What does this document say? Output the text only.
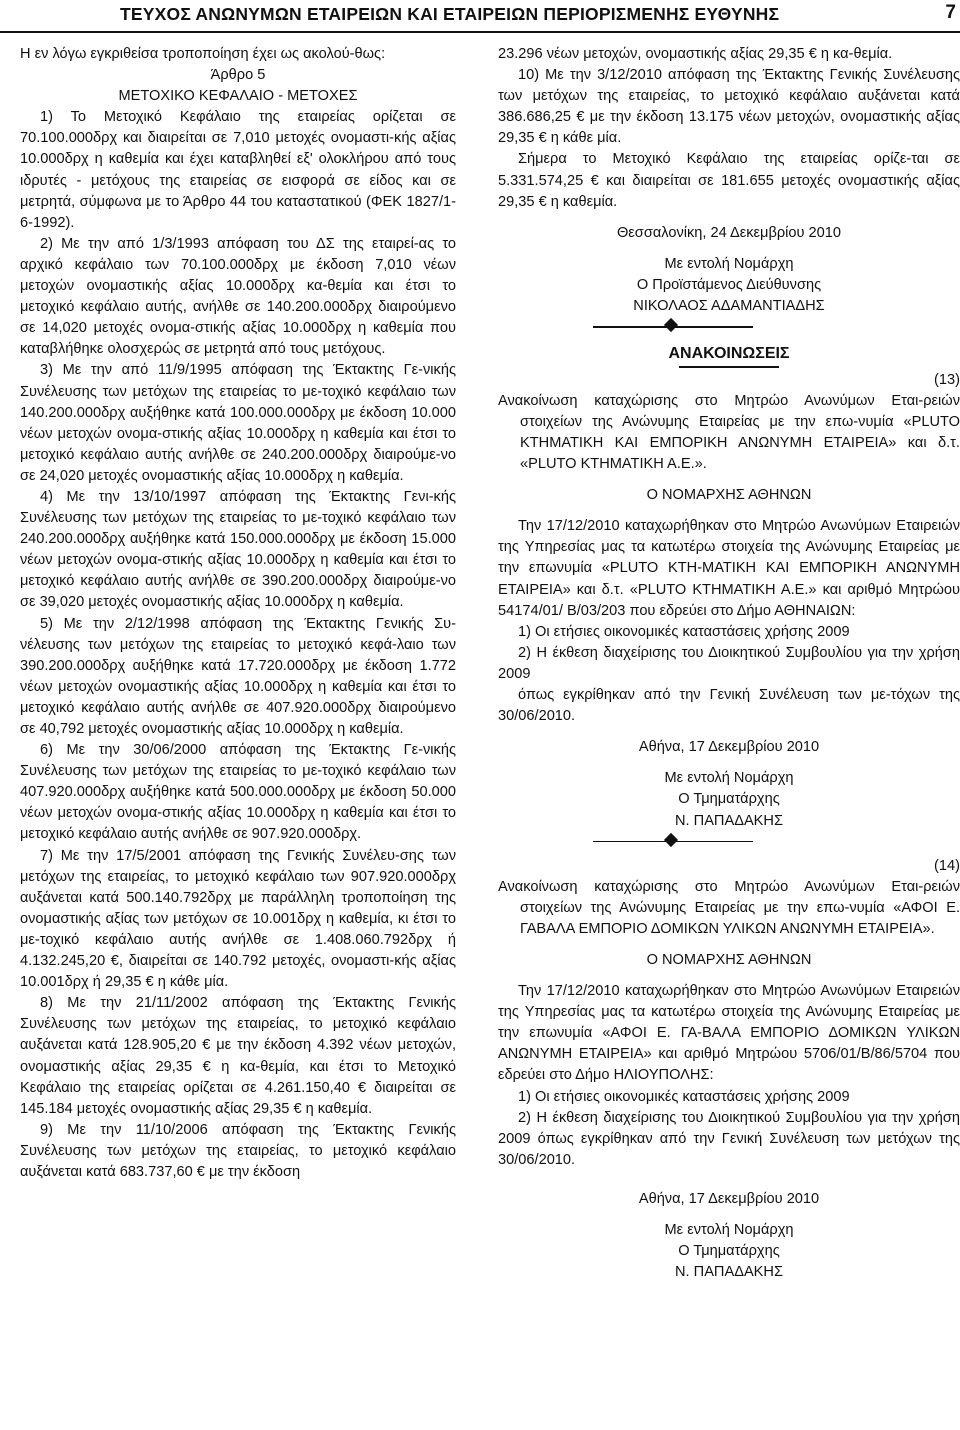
ΤΕΥΧΟΣ ΑΝΩΝΥΜΩΝ ΕΤΑΙΡΕΙΩΝ ΚΑΙ ΕΤΑΙΡΕΙΩΝ ΠΕΡΙΟΡΙΣΜΕΝΗΣ ΕΥΘΥΝΗΣ	7

Η εν λόγω εγκριθείσα τροποποίηση έχει ως ακολού-θως:

Άρθρο 5

ΜΕΤΟΧΙΚΟ ΚΕΦΑΛΑΙΟ - ΜΕΤΟΧΕΣ

1) Το Μετοχικό Κεφάλαιο της εταιρείας ορίζεται σε 70.100.000δρχ και διαιρείται σε 7,010 μετοχές ονομαστι-κής αξίας 10.000δρχ η καθεμία και έχει καταβληθεί εξ' ολοκλήρου από τους ιδρυτές - μετόχους της εταιρείας σε εισφορά σε είδος και σε μετρητά, σύμφωνα με το Άρθρο 44 του καταστατικού (ΦΕΚ 1827/1-6-1992).

2) Με την από 1/3/1993 απόφαση του ΔΣ της εταιρεί-ας το αρχικό κεφάλαιο των 70.100.000δρχ με έκδοση 7,010 νέων μετοχών ονομαστικής αξίας 10.000δρχ κα-θεμία και έτσι το μετοχικό κεφάλαιο αυτής, ανήλθε σε 140.200.000δρχ διαιρούμενο σε 14,020 μετοχές ονομα-στικής αξίας 10.000δρχ η καθεμία που καταβλήθηκε ολοσχερώς σε μετρητά από τους μετόχους.

3) Με την από 11/9/1995 απόφαση της Έκτακτης Γε-νικής Συνέλευσης των μετόχων της εταιρείας το με-τοχικό κεφάλαιο των 140.200.000δρχ αυξήθηκε κατά 100.000.000δρχ με έκδοση 10.000 νέων μετοχών ονομα-στικής αξίας 10.000δρχ η καθεμία και έτσι το μετοχικό κεφάλαιο αυτής ανήλθε σε 240.200.000δρχ διαιρούμε-νο σε 24,020 μετοχές ονομαστικής αξίας 10.000δρχ η καθεμία.

4) Με την 13/10/1997 απόφαση της Έκτακτης Γενι-κής Συνέλευσης των μετόχων της εταιρείας το με-τοχικό κεφάλαιο των 240.200.000δρχ αυξήθηκε κατά 150.000.000δρχ με έκδοση 15.000 νέων μετοχών ονομα-στικής αξίας 10.000δρχ η καθεμία και έτσι το μετοχικό κεφάλαιο αυτής ανήλθε σε 390.200.000δρχ διαιρούμε-νο σε 39,020 μετοχές ονομαστικής αξίας 10.000δρχ η καθεμία.

5) Με την 2/12/1998 απόφαση της Έκτακτης Γενικής Συ-νέλευσης των μετόχων της εταιρείας το μετοχικό κεφά-λαιο των 390.200.000δρχ αυξήθηκε κατά 17.720.000δρχ με έκδοση 1.772 νέων μετοχών ονομαστικής αξίας 10.000δρχ η καθεμία και έτσι το μετοχικό κεφάλαιο αυτής ανήλθε σε 407.920.000δρχ διαιρούμενο σε 40,792 μετοχές ονομαστικής αξίας 10.000δρχ η καθεμία.

6) Με την 30/06/2000 απόφαση της Έκτακτης Γε-νικής Συνέλευσης των μετόχων της εταιρείας το με-τοχικό κεφάλαιο των 407.920.000δρχ αυξήθηκε κατά 500.000.000δρχ με έκδοση 50.000 νέων μετοχών ονομα-στικής αξίας 10.000δρχ η καθεμία και έτσι το μετοχικό κεφάλαιο αυτής ανήλθε σε 907.920.000δρχ.

7) Με την 17/5/2001 απόφαση της Γενικής Συνέλευ-σης των μετόχων της εταιρείας, το μετοχικό κεφάλαιο των 907.920.000δρχ αυξάνεται κατά 500.140.792δρχ με παράλληλη τροποποίηση της ονομαστικής αξίας των μετόχων σε 10.001δρχ η καθεμία, κι έτσι το με-τοχικό κεφάλαιο αυτής ανήλθε σε 1.408.060.792δρχ ή 4.132.245,20 €, διαιρείται σε 140.792 μετοχές, ονομαστι-κής αξίας 10.001δρχ ή 29,35 € η κάθε μία.

8) Με την 21/11/2002 απόφαση της Έκτακτης Γενικής Συνέλευσης των μετόχων της εταιρείας, το μετοχικό κεφάλαιο αυξάνεται κατά 128.905,20 € με την έκδοση 4.392 νέων μετοχών, ονομαστικής αξίας 29,35 € η κα-θεμία, και έτσι το Μετοχικό Κεφάλαιο της εταιρείας ορίζεται σε 4.261.150,40 € διαιρείται σε 145.184 μετοχές ονομαστικής αξίας 29,35 € η καθεμία.

9) Με την 11/10/2006 απόφαση της Έκτακτης Γενικής Συνέλευσης των μετόχων της εταιρείας, το μετοχικό κεφάλαιο αυξάνεται κατά 683.737,60 € με την έκδοση

23.296 νέων μετοχών, ονομαστικής αξίας 29,35 € η κα-θεμία.

10) Με την 3/12/2010 απόφαση της Έκτακτης Γενικής Συνέλευσης των μετόχων της εταιρείας, το μετοχικό κεφάλαιο αυξάνεται κατά 386.686,25 € με την έκδοση 13.175 νέων μετοχών, ονομαστικής αξίας 29,35 € η κάθε μία.

Σήμερα το Μετοχικό Κεφάλαιο της εταιρείας ορίζε-ται σε 5.331.574,25 € και διαιρείται σε 181.655 μετοχές ονομαστικής αξίας 29,35 € η καθεμία.

Θεσσαλονίκη, 24 Δεκεμβρίου 2010

Με εντολή Νομάρχη

Ο Προϊστάμενος Διεύθυνσης

ΝΙΚΟΛΑΟΣ ΑΔΑΜΑΝΤΙΑΔΗΣ

ΑΝΑΚΟΙΝΩΣΕΙΣ

(13)

Ανακοίνωση καταχώρισης στο Μητρώο Ανωνύμων Εται-ρειών στοιχείων της Ανώνυμης Εταιρείας με την επω-νυμία «PLUTO ΚΤΗΜΑΤΙΚΗ ΚΑΙ ΕΜΠΟΡΙΚΗ ΑΝΩΝΥΜΗ ΕΤΑΙΡΕΙΑ» και δ.τ. «PLUTO ΚΤΗΜΑΤΙΚΗ Α.Ε.».

Ο ΝΟΜΑΡΧΗΣ ΑΘΗΝΩΝ

Την 17/12/2010 καταχωρήθηκαν στο Μητρώο Ανωνύμων Εταιρειών της Υπηρεσίας μας τα κατωτέρω στοιχεία της Ανώνυμης Εταιρείας με την επωνυμία «PLUTO ΚΤΗ-ΜΑΤΙΚΗ ΚΑΙ ΕΜΠΟΡΙΚΗ ΑΝΩΝΥΜΗ ΕΤΑΙΡΕΙΑ» και δ.τ. «PLUTO ΚΤΗΜΑΤΙΚΗ Α.Ε.» και αριθμό Μητρώου 54174/01/ Β/03/203 που εδρεύει στο Δήμο ΑΘΗΝΑΙΩΝ:

1) Οι ετήσιες οικονομικές καταστάσεις χρήσης 2009

2) Η έκθεση διαχείρισης του Διοικητικού Συμβουλίου για την χρήση 2009

όπως εγκρίθηκαν από την Γενική Συνέλευση των με-τόχων της 30/06/2010.

Αθήνα, 17 Δεκεμβρίου 2010

Με εντολή Νομάρχη

Ο Τμηματάρχης

Ν. ΠΑΠΑΔΑΚΗΣ

(14)

Ανακοίνωση καταχώρισης στο Μητρώο Ανωνύμων Εται-ρειών στοιχείων της Ανώνυμης Εταιρείας με την επω-νυμία «ΑΦΟΙ Ε. ΓΑΒΑΛΑ ΕΜΠΟΡΙΟ ΔΟΜΙΚΩΝ ΥΛΙΚΩΝ ΑΝΩΝΥΜΗ ΕΤΑΙΡΕΙΑ».

Ο ΝΟΜΑΡΧΗΣ ΑΘΗΝΩΝ

Την 17/12/2010 καταχωρήθηκαν στο Μητρώο Ανωνύμων Εταιρειών της Υπηρεσίας μας τα κατωτέρω στοιχεία της Ανώνυμης Εταιρείας με την επωνυμία «ΑΦΟΙ Ε. ΓΑ-ΒΑΛΑ ΕΜΠΟΡΙΟ ΔΟΜΙΚΩΝ ΥΛΙΚΩΝ ΑΝΩΝΥΜΗ ΕΤΑΙΡΕΙΑ» και αριθμό Μητρώου 5706/01/Β/86/5704 που εδρεύει στο Δήμο ΗΛΙΟΥΠΟΛΗΣ:

1) Οι ετήσιες οικονομικές καταστάσεις χρήσης 2009

2) Η έκθεση διαχείρισης του Διοικητικού Συμβουλίου για την χρήση 2009 όπως εγκρίθηκαν από την Γενική Συνέλευση των μετόχων της 30/06/2010.

Αθήνα, 17 Δεκεμβρίου 2010

Με εντολή Νομάρχη

Ο Τμηματάρχης

Ν. ΠΑΠΑΔΑΚΗΣ
